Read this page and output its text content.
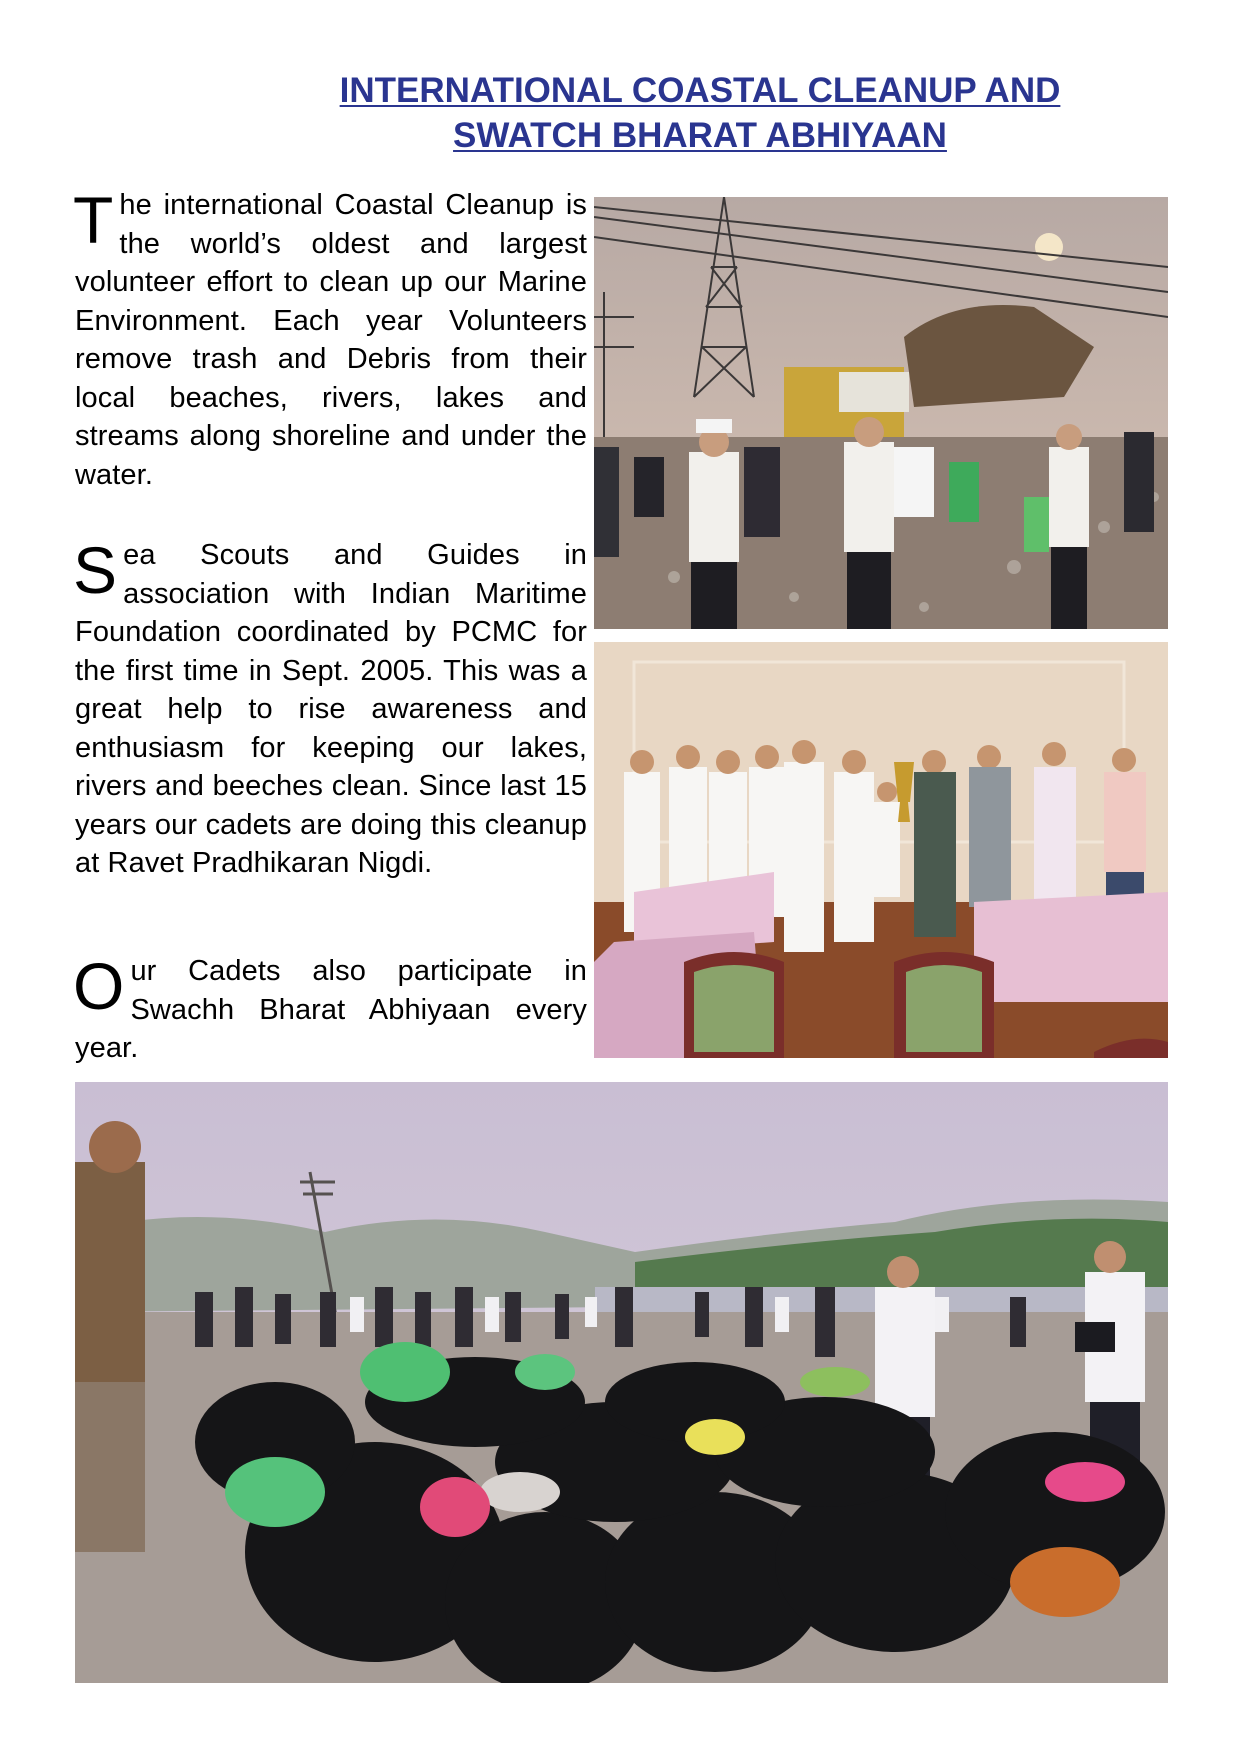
INTERNATIONAL COASTAL CLEANUP AND
SWATCH BHARAT ABHIYAAN
The international Coastal Cleanup is the world’s oldest and largest volunteer effort to clean up our Marine Environment. Each year Volunteers remove trash and Debris from their local beaches, rivers, lakes and streams along shoreline and under the water.
Sea Scouts and Guides in association with Indian Maritime Foundation coordinated by PCMC for the first time in Sept. 2005. This was a great help to rise awareness and enthusiasm for keeping our lakes, rivers and beeches clean. Since last 15 years our cadets are doing this cleanup at Ravet Pradhikaran Nigdi.
Our Cadets also participate in Swachh Bharat Abhiyaan every year.
